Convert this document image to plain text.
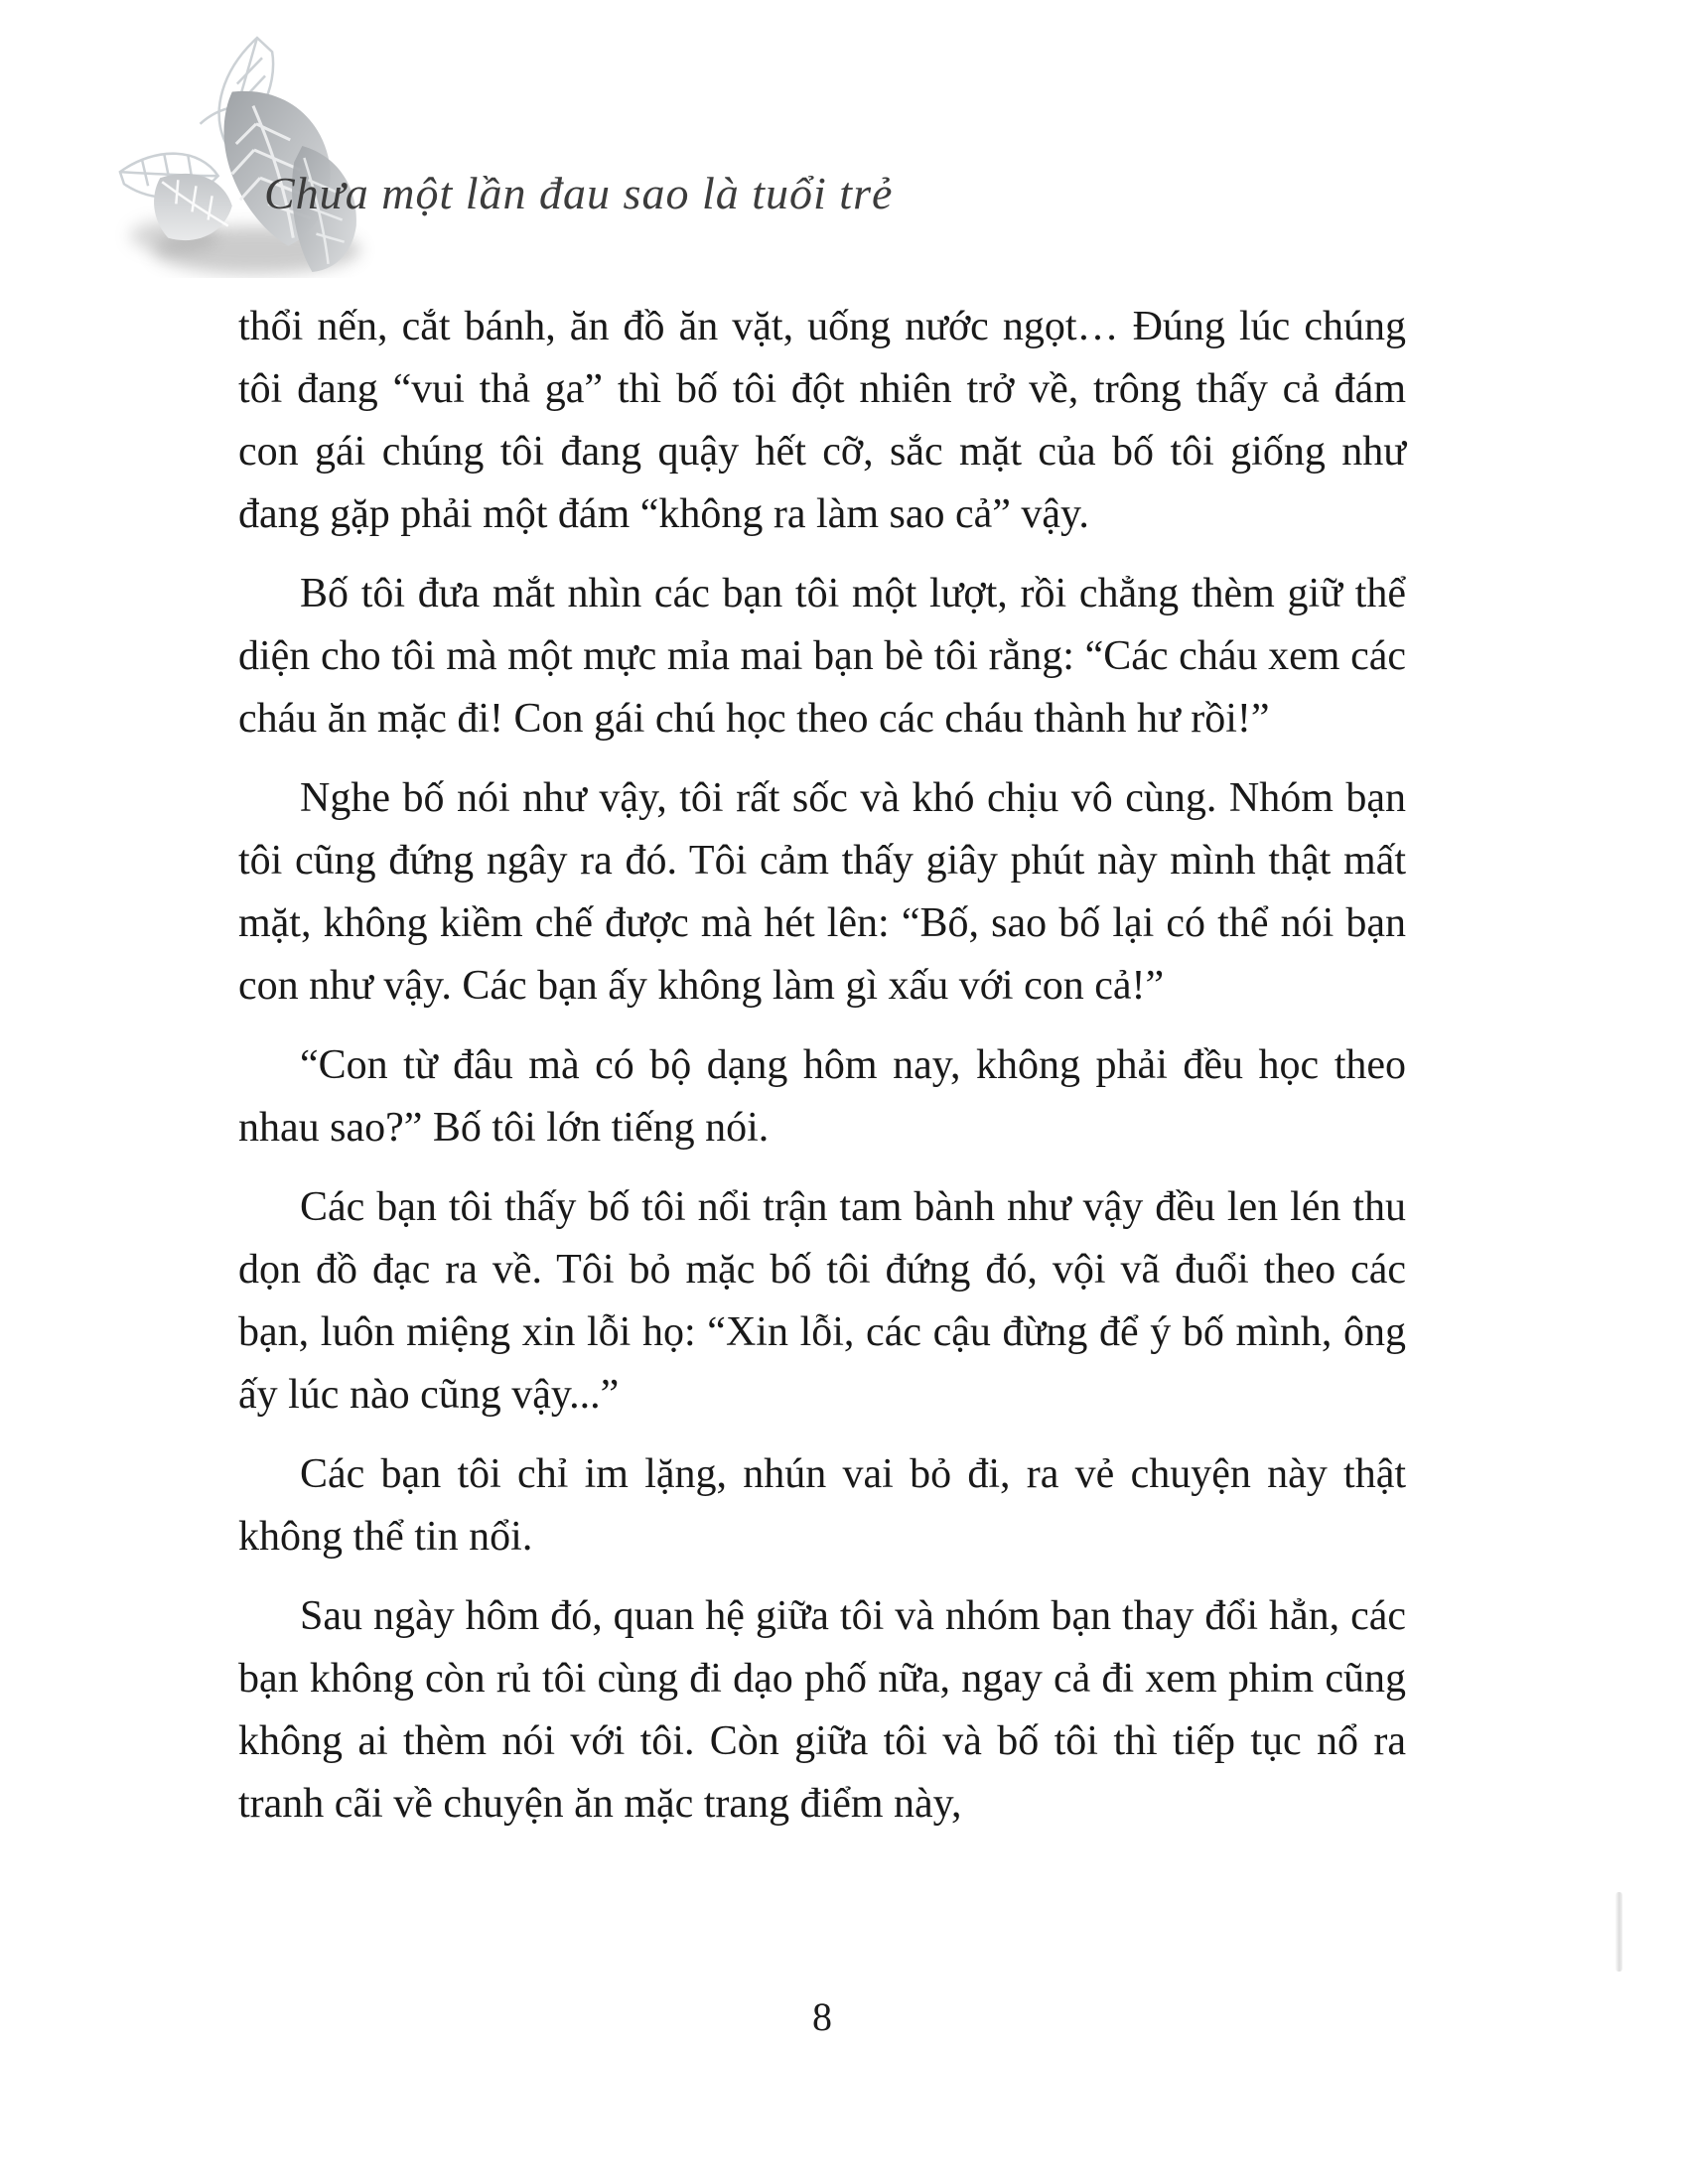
Chưa một lần đau sao là tuổi trẻ

thổi nến, cắt bánh, ăn đồ ăn vặt, uống nước ngọt… Đúng lúc chúng tôi đang “vui thả ga” thì bố tôi đột nhiên trở về, trông thấy cả đám con gái chúng tôi đang quậy hết cỡ, sắc mặt của bố tôi giống như đang gặp phải một đám “không ra làm sao cả” vậy.

Bố tôi đưa mắt nhìn các bạn tôi một lượt, rồi chẳng thèm giữ thể diện cho tôi mà một mực mỉa mai bạn bè tôi rằng: “Các cháu xem các cháu ăn mặc đi! Con gái chú học theo các cháu thành hư rồi!”

Nghe bố nói như vậy, tôi rất sốc và khó chịu vô cùng. Nhóm bạn tôi cũng đứng ngây ra đó. Tôi cảm thấy giây phút này mình thật mất mặt, không kiềm chế được mà hét lên: “Bố, sao bố lại có thể nói bạn con như vậy. Các bạn ấy không làm gì xấu với con cả!”

“Con từ đâu mà có bộ dạng hôm nay, không phải đều học theo nhau sao?” Bố tôi lớn tiếng nói.

Các bạn tôi thấy bố tôi nổi trận tam bành như vậy đều len lén thu dọn đồ đạc ra về. Tôi bỏ mặc bố tôi đứng đó, vội vã đuổi theo các bạn, luôn miệng xin lỗi họ: “Xin lỗi, các cậu đừng để ý bố mình, ông ấy lúc nào cũng vậy...”

Các bạn tôi chỉ im lặng, nhún vai bỏ đi, ra vẻ chuyện này thật không thể tin nổi.

Sau ngày hôm đó, quan hệ giữa tôi và nhóm bạn thay đổi hẳn, các bạn không còn rủ tôi cùng đi dạo phố nữa, ngay cả đi xem phim cũng không ai thèm nói với tôi. Còn giữa tôi và bố tôi thì tiếp tục nổ ra tranh cãi về chuyện ăn mặc trang điểm này,

8
